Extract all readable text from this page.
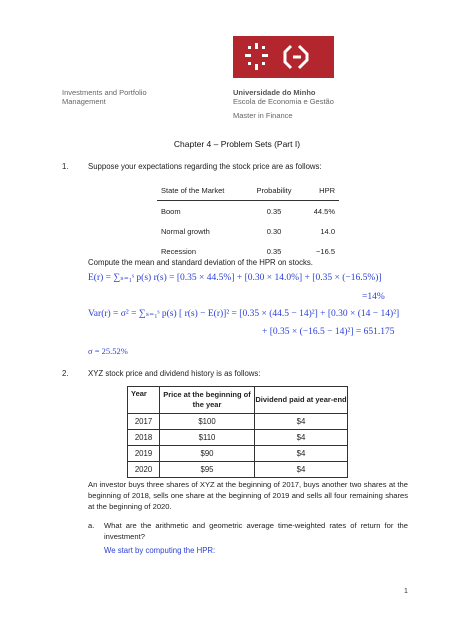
Investments and Portfolio Management
Universidade do Minho
Escola de Economia e Gestão
Master in Finance
Chapter 4 – Problem Sets (Part I)
1. Suppose your expectations regarding the stock price are as follows:
State of the Market	Probability	HPR
Boom	0.35	44.5%
Normal growth	0.30	14.0
Recession	0.35	−16.5
Compute the mean and standard deviation of the HPR on stocks.
E(r) = ∑ₛ₌₁ˢ p(s) r(s) = [0.35 × 44.5%] + [0.30 × 14.0%] + [0.35 × (−16.5%)]
=14%
Var(r) = σ² = ∑ₛ₌₁ˢ p(s) [ r(s) − E(r)]² = [0.35 × (44.5 − 14)²] + [0.30 × (14 − 14)²]
+ [0.35 × (−16.5 − 14)²] = 651.175
σ = 25.52%
2. XYZ stock price and dividend history is as follows:
Year	Price at the beginning of the year	Dividend paid at year-end
2017	$100	$4
2018	$110	$4
2019	$90	$4
2020	$95	$4
An investor buys three shares of XYZ at the beginning of 2017, buys another two shares at the beginning of 2018, sells one share at the beginning of 2019 and sells all four remaining shares at the beginning of 2020.
a. What are the arithmetic and geometric average time-weighted rates of return for the investment?
We start by computing the HPR:
1
